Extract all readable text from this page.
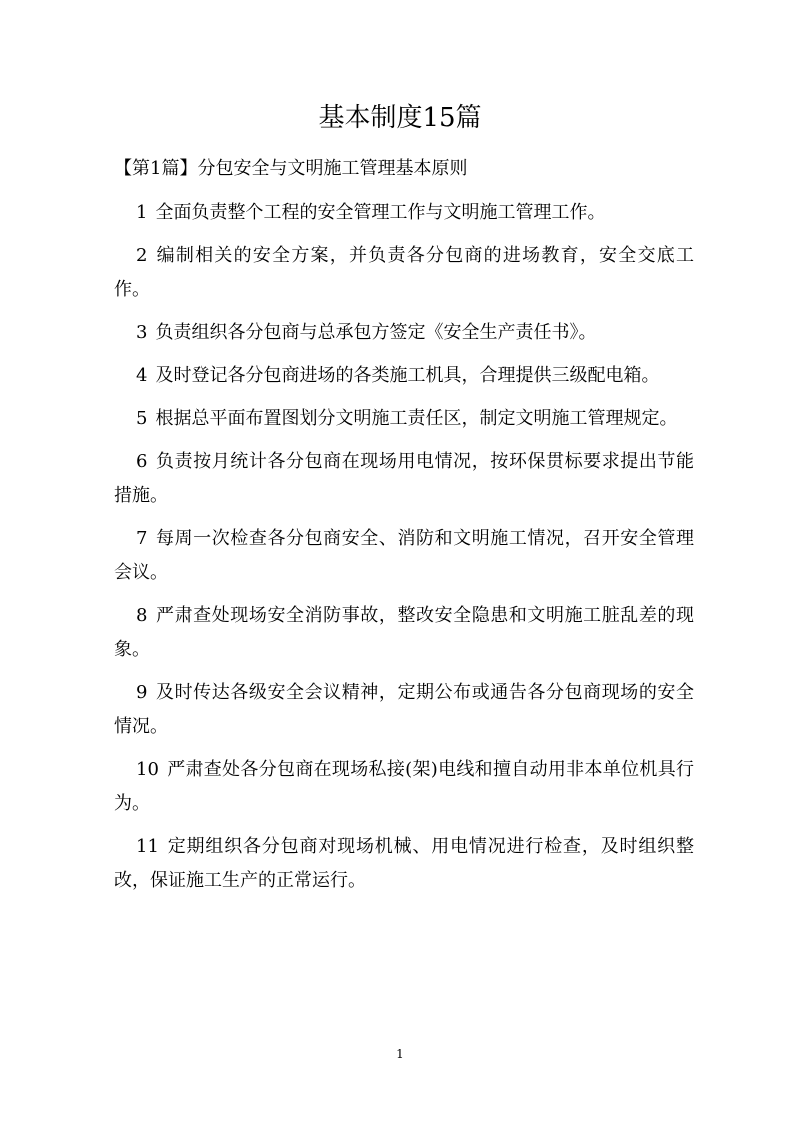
基本制度15篇
【第1篇】分包安全与文明施工管理基本原则
1 全面负责整个工程的安全管理工作与文明施工管理工作。
2 编制相关的安全方案，并负责各分包商的进场教育，安全交底工作。
3 负责组织各分包商与总承包方签定《安全生产责任书》。
4 及时登记各分包商进场的各类施工机具，合理提供三级配电箱。
5 根据总平面布置图划分文明施工责任区，制定文明施工管理规定。
6 负责按月统计各分包商在现场用电情况，按环保贯标要求提出节能措施。
7 每周一次检查各分包商安全、消防和文明施工情况，召开安全管理会议。
8 严肃查处现场安全消防事故，整改安全隐患和文明施工脏乱差的现象。
9 及时传达各级安全会议精神，定期公布或通告各分包商现场的安全情况。
10 严肃查处各分包商在现场私接(架)电线和擅自动用非本单位机具行为。
11 定期组织各分包商对现场机械、用电情况进行检查，及时组织整改，保证施工生产的正常运行。
1
